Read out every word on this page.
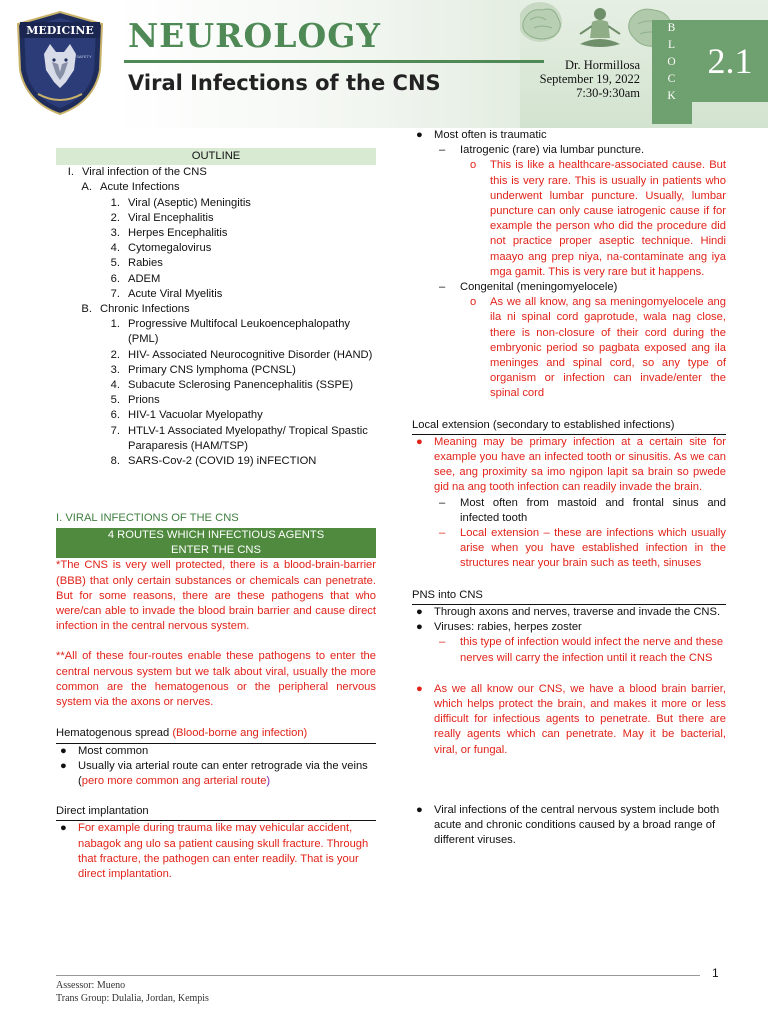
MEDICINE
SAFETY
NEUROLOGY
Viral Infections of the CNS
Dr. Hormillosa
September 19, 2022
7:30-9:30am
B
L
O
C
K
2.1
OUTLINE
I. Viral infection of the CNS
A. Acute Infections
1. Viral (Aseptic) Meningitis
2. Viral Encephalitis
3. Herpes Encephalitis
4. Cytomegalovirus
5. Rabies
6. ADEM
7. Acute Viral Myelitis
B. Chronic Infections
1. Progressive Multifocal Leukoencephalopathy (PML)
2. HIV- Associated Neurocognitive Disorder (HAND)
3. Primary CNS lymphoma (PCNSL)
4. Subacute Sclerosing Panencephalitis (SSPE)
5. Prions
6. HIV-1 Vacuolar Myelopathy
7. HTLV-1 Associated Myelopathy/ Tropical Spastic Paraparesis (HAM/TSP)
8. SARS-Cov-2 (COVID 19) iNFECTION
I. VIRAL INFECTIONS OF THE CNS
4 ROUTES WHICH INFECTIOUS AGENTS
ENTER THE CNS
*The CNS is very well protected, there is a blood-brain-barrier (BBB) that only certain substances or chemicals can penetrate. But for some reasons, there are these pathogens that who were/can able to invade the blood brain barrier and cause direct infection in the central nervous system.
**All of these four-routes enable these pathogens to enter the central nervous system but we talk about viral, usually the more common are the hematogenous or the peripheral nervous system via the axons or nerves.
Hematogenous spread (Blood-borne ang infection)
● Most common
● Usually via arterial route can enter retrograde via the veins (pero more common ang arterial route)
Direct implantation
● For example during trauma like may vehicular accident, nabagok ang ulo sa patient causing skull fracture. Through that fracture, the pathogen can enter readily. That is your direct implantation.
● Most often is traumatic
– Iatrogenic (rare) via lumbar puncture.
o This is like a healthcare-associated cause. But this is very rare. This is usually in patients who underwent lumbar puncture. Usually, lumbar puncture can only cause iatrogenic cause if for example the person who did the procedure did not practice proper aseptic technique. Hindi maayo ang prep niya, na-contaminate ang iya mga gamit. This is very rare but it happens.
– Congenital (meningomyelocele)
o As we all know, ang sa meningomyelocele ang ila ni spinal cord gaprotude, wala nag close, there is non-closure of their cord during the embryonic period so pagbata exposed ang ila meninges and spinal cord, so any type of organism or infection can invade/enter the spinal cord
Local extension (secondary to established infections)
● Meaning may be primary infection at a certain site for example you have an infected tooth or sinusitis. As we can see, ang proximity sa imo ngipon lapit sa brain so pwede gid na ang tooth infection can readily invade the brain.
– Most often from mastoid and frontal sinus and infected tooth
– Local extension – these are infections which usually arise when you have established infection in the structures near your brain such as teeth, sinuses
PNS into CNS
● Through axons and nerves, traverse and invade the CNS.
● Viruses: rabies, herpes zoster
– this type of infection would infect the nerve and these nerves will carry the infection until it reach the CNS
● As we all know our CNS, we have a blood brain barrier, which helps protect the brain, and makes it more or less difficult for infectious agents to penetrate. But there are really agents which can penetrate. May it be bacterial, viral, or fungal.
● Viral infections of the central nervous system include both acute and chronic conditions caused by a broad range of different viruses.
1
Assessor: Mueno
Trans Group: Dulalia, Jordan, Kempis
